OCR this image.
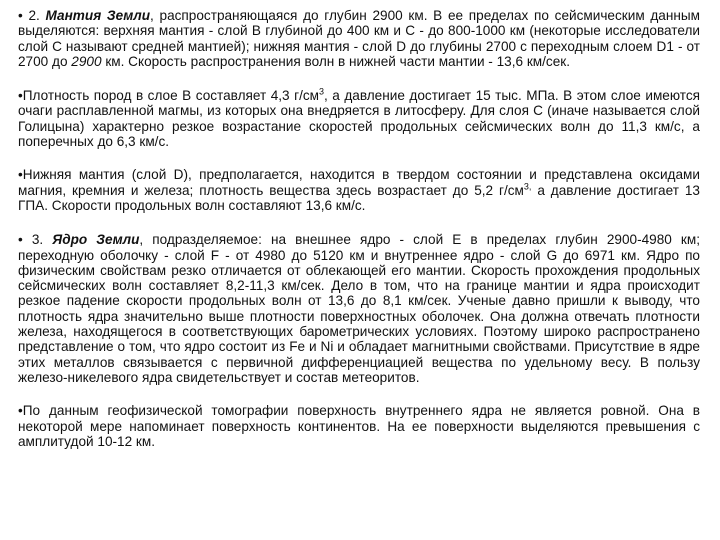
• 2. Мантия Земли, распространяющаяся до глубин 2900 км. В ее пределах по сейсмическим данным выделяются: верхняя мантия - слой В глубиной до 400 км и С - до 800-1000 км (некоторые исследователи слой С называют средней мантией); нижняя мантия - слой D до глубины 2700 с переходным слоем D1 - от 2700 до 2900 км. Скорость распространения волн в нижней части мантии - 13,6 км/сек.

•Плотность пород в слое В составляет 4,3 $г/см^3$, а давление достигает 15 тыс. МПа. В этом слое имеются очаги расплавленной магмы, из которых она внедряется в литосферу. Для слоя С (иначе называется слой Голицына) характерно резкое возрастание скоростей продольных сейсмических волн до 11,3 км/с, а поперечных до 6,3 км/с.

•Нижняя мантия (слой D), предполагается, находится в твердом состоянии и представлена оксидами магния, кремния и железа; плотность вещества здесь возрастает до 5,2 $г/см^{3,}$ а давление достигает 13 ГПА. Скорости продольных волн составляют 13,6 км/с.

• 3. Ядро Земли, подразделяемое: на внешнее ядро - слой Е в пределах глубин 2900-4980 км; переходную оболочку - слой F - от 4980 до 5120 км и внутреннее ядро - слой G до 6971 км. Ядро по физическим свойствам резко отличается от облекающей его мантии. Скорость прохождения продольных сейсмических волн составляет 8,2-11,3 км/сек. Дело в том, что на границе мантии и ядра происходит резкое падение скорости продольных волн от 13,6 до 8,1 км/сек. Ученые давно пришли к выводу, что плотность ядра значительно выше плотности поверхностных оболочек. Она должна отвечать плотности железа, находящегося в соответствующих барометрических условиях. Поэтому широко распространено представление о том, что ядро состоит из Fe и Ni и обладает магнитными свойствами. Присутствие в ядре этих металлов связывается с первичной дифференциацией вещества по удельному весу. В пользу железо-никелевого ядра свидетельствует и состав метеоритов.

•По данным геофизической томографии поверхность внутреннего ядра не является ровной. Она в некоторой мере напоминает поверхность континентов. На ее поверхности выделяются превышения с амплитудой 10-12 км.
